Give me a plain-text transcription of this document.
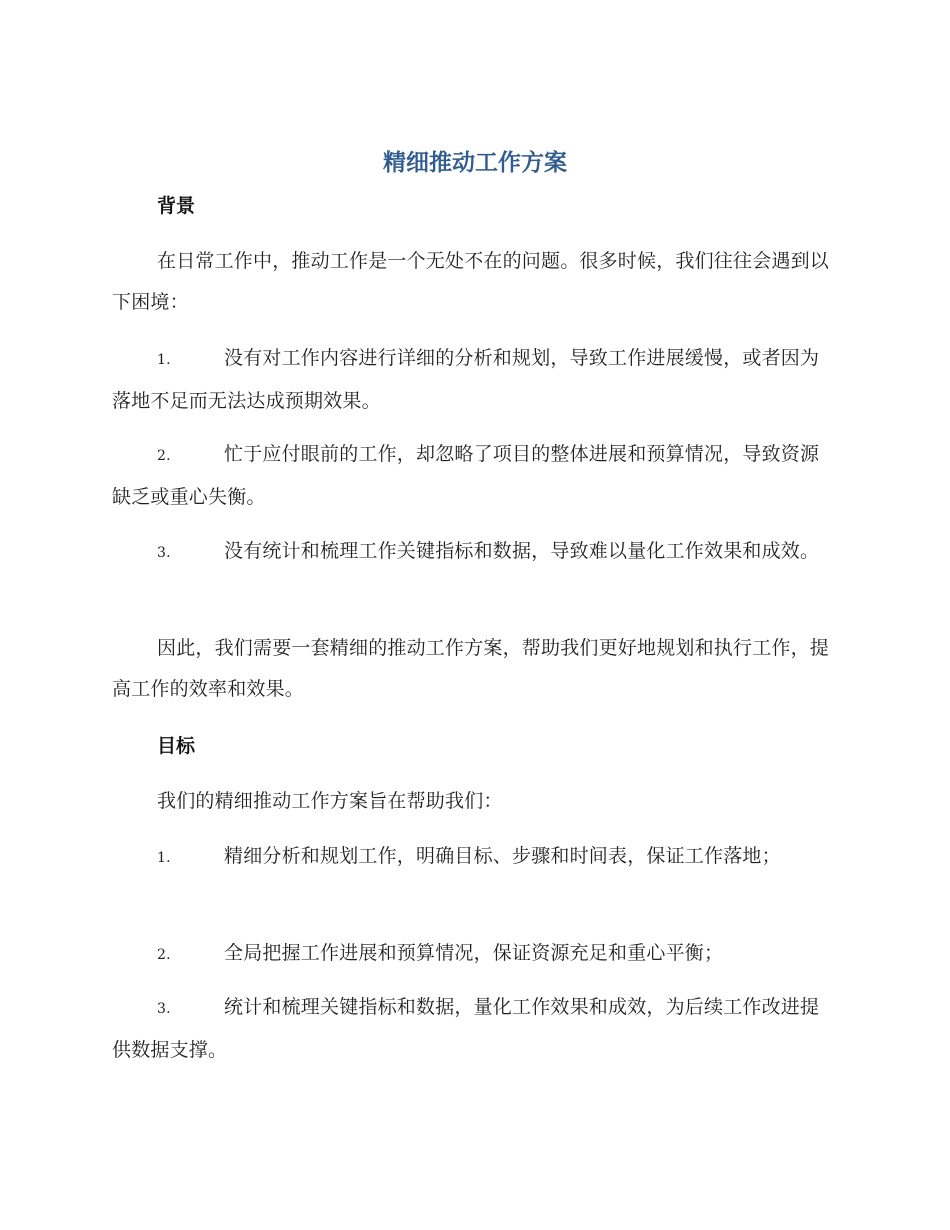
精细推动工作方案
背景
在日常工作中，推动工作是一个无处不在的问题。很多时候，我们往往会遇到以下困境：
1.	没有对工作内容进行详细的分析和规划，导致工作进展缓慢，或者因为落地不足而无法达成预期效果。
2.	忙于应付眼前的工作，却忽略了项目的整体进展和预算情况，导致资源缺乏或重心失衡。
3.	没有统计和梳理工作关键指标和数据，导致难以量化工作效果和成效。
因此，我们需要一套精细的推动工作方案，帮助我们更好地规划和执行工作，提高工作的效率和效果。
目标
我们的精细推动工作方案旨在帮助我们：
1.	精细分析和规划工作，明确目标、步骤和时间表，保证工作落地；
2.	全局把握工作进展和预算情况，保证资源充足和重心平衡；
3.	统计和梳理关键指标和数据，量化工作效果和成效，为后续工作改进提供数据支撑。
